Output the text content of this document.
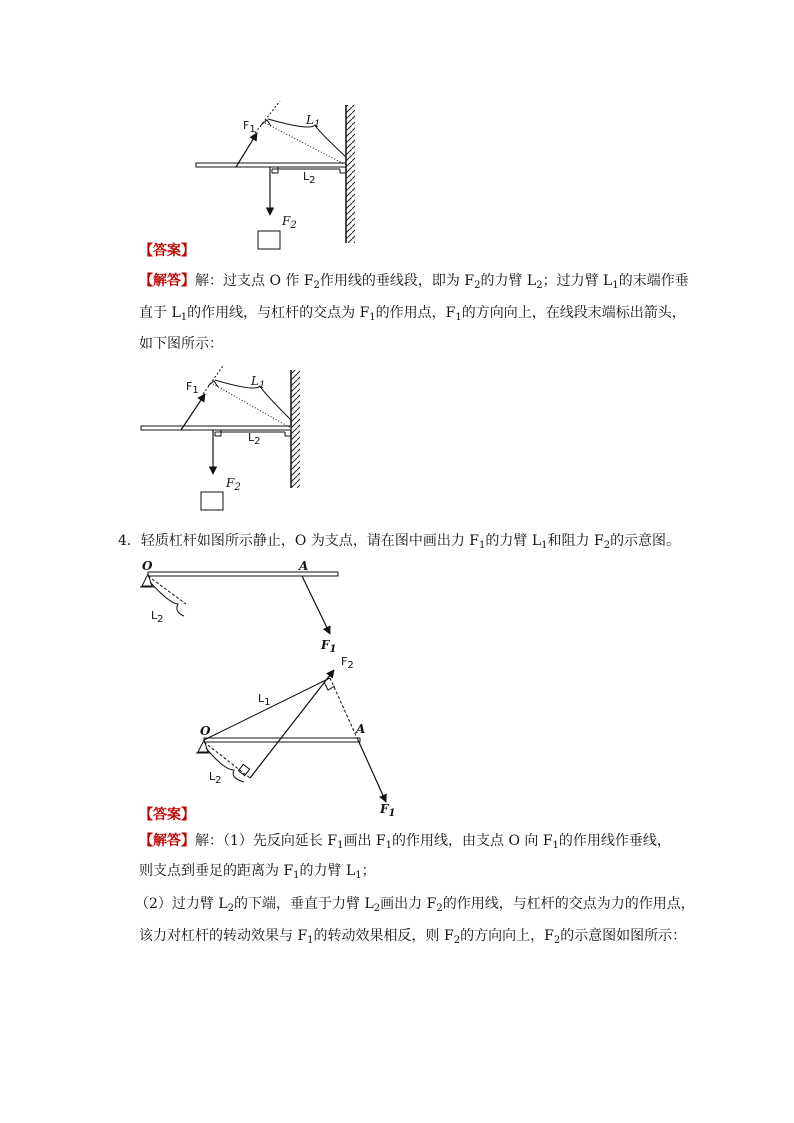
$F_1$
$L_1$
$L_2$
$F_2$
【答案】
【解答】解：过支点 O 作 $F_2$作用线的垂线段，即为 $F_2$的力臂 $L_2$；过力臂 $L_1$的末端作垂
直于 $L_1$的作用线，与杠杆的交点为 $F_1$的作用点，$F_1$的方向向上，在线段末端标出箭头，
如下图所示：
$F_1$
$L_1$
$L_2$
$F_2$
4．轻质杠杆如图所示静止，O 为支点，请在图中画出力 $F_1$的力臂 $L_1$和阻力 $F_2$的示意图。
O	A
$L_2$
$F_1$
$F_2$
$L_1$
O	A
$L_2$
$F_1$
【答案】
【解答】解：（1）先反向延长 $F_1$画出 $F_1$的作用线，由支点 O 向 $F_1$的作用线作垂线，
则支点到垂足的距离为 $F_1$的力臂 $L_1$；
（2）过力臂 $L_2$的下端，垂直于力臂 $L_2$画出力 $F_2$的作用线，与杠杆的交点为力的作用点，
该力对杠杆的转动效果与 $F_1$的转动效果相反，则 $F_2$的方向向上，$F_2$的示意图如图所示：
